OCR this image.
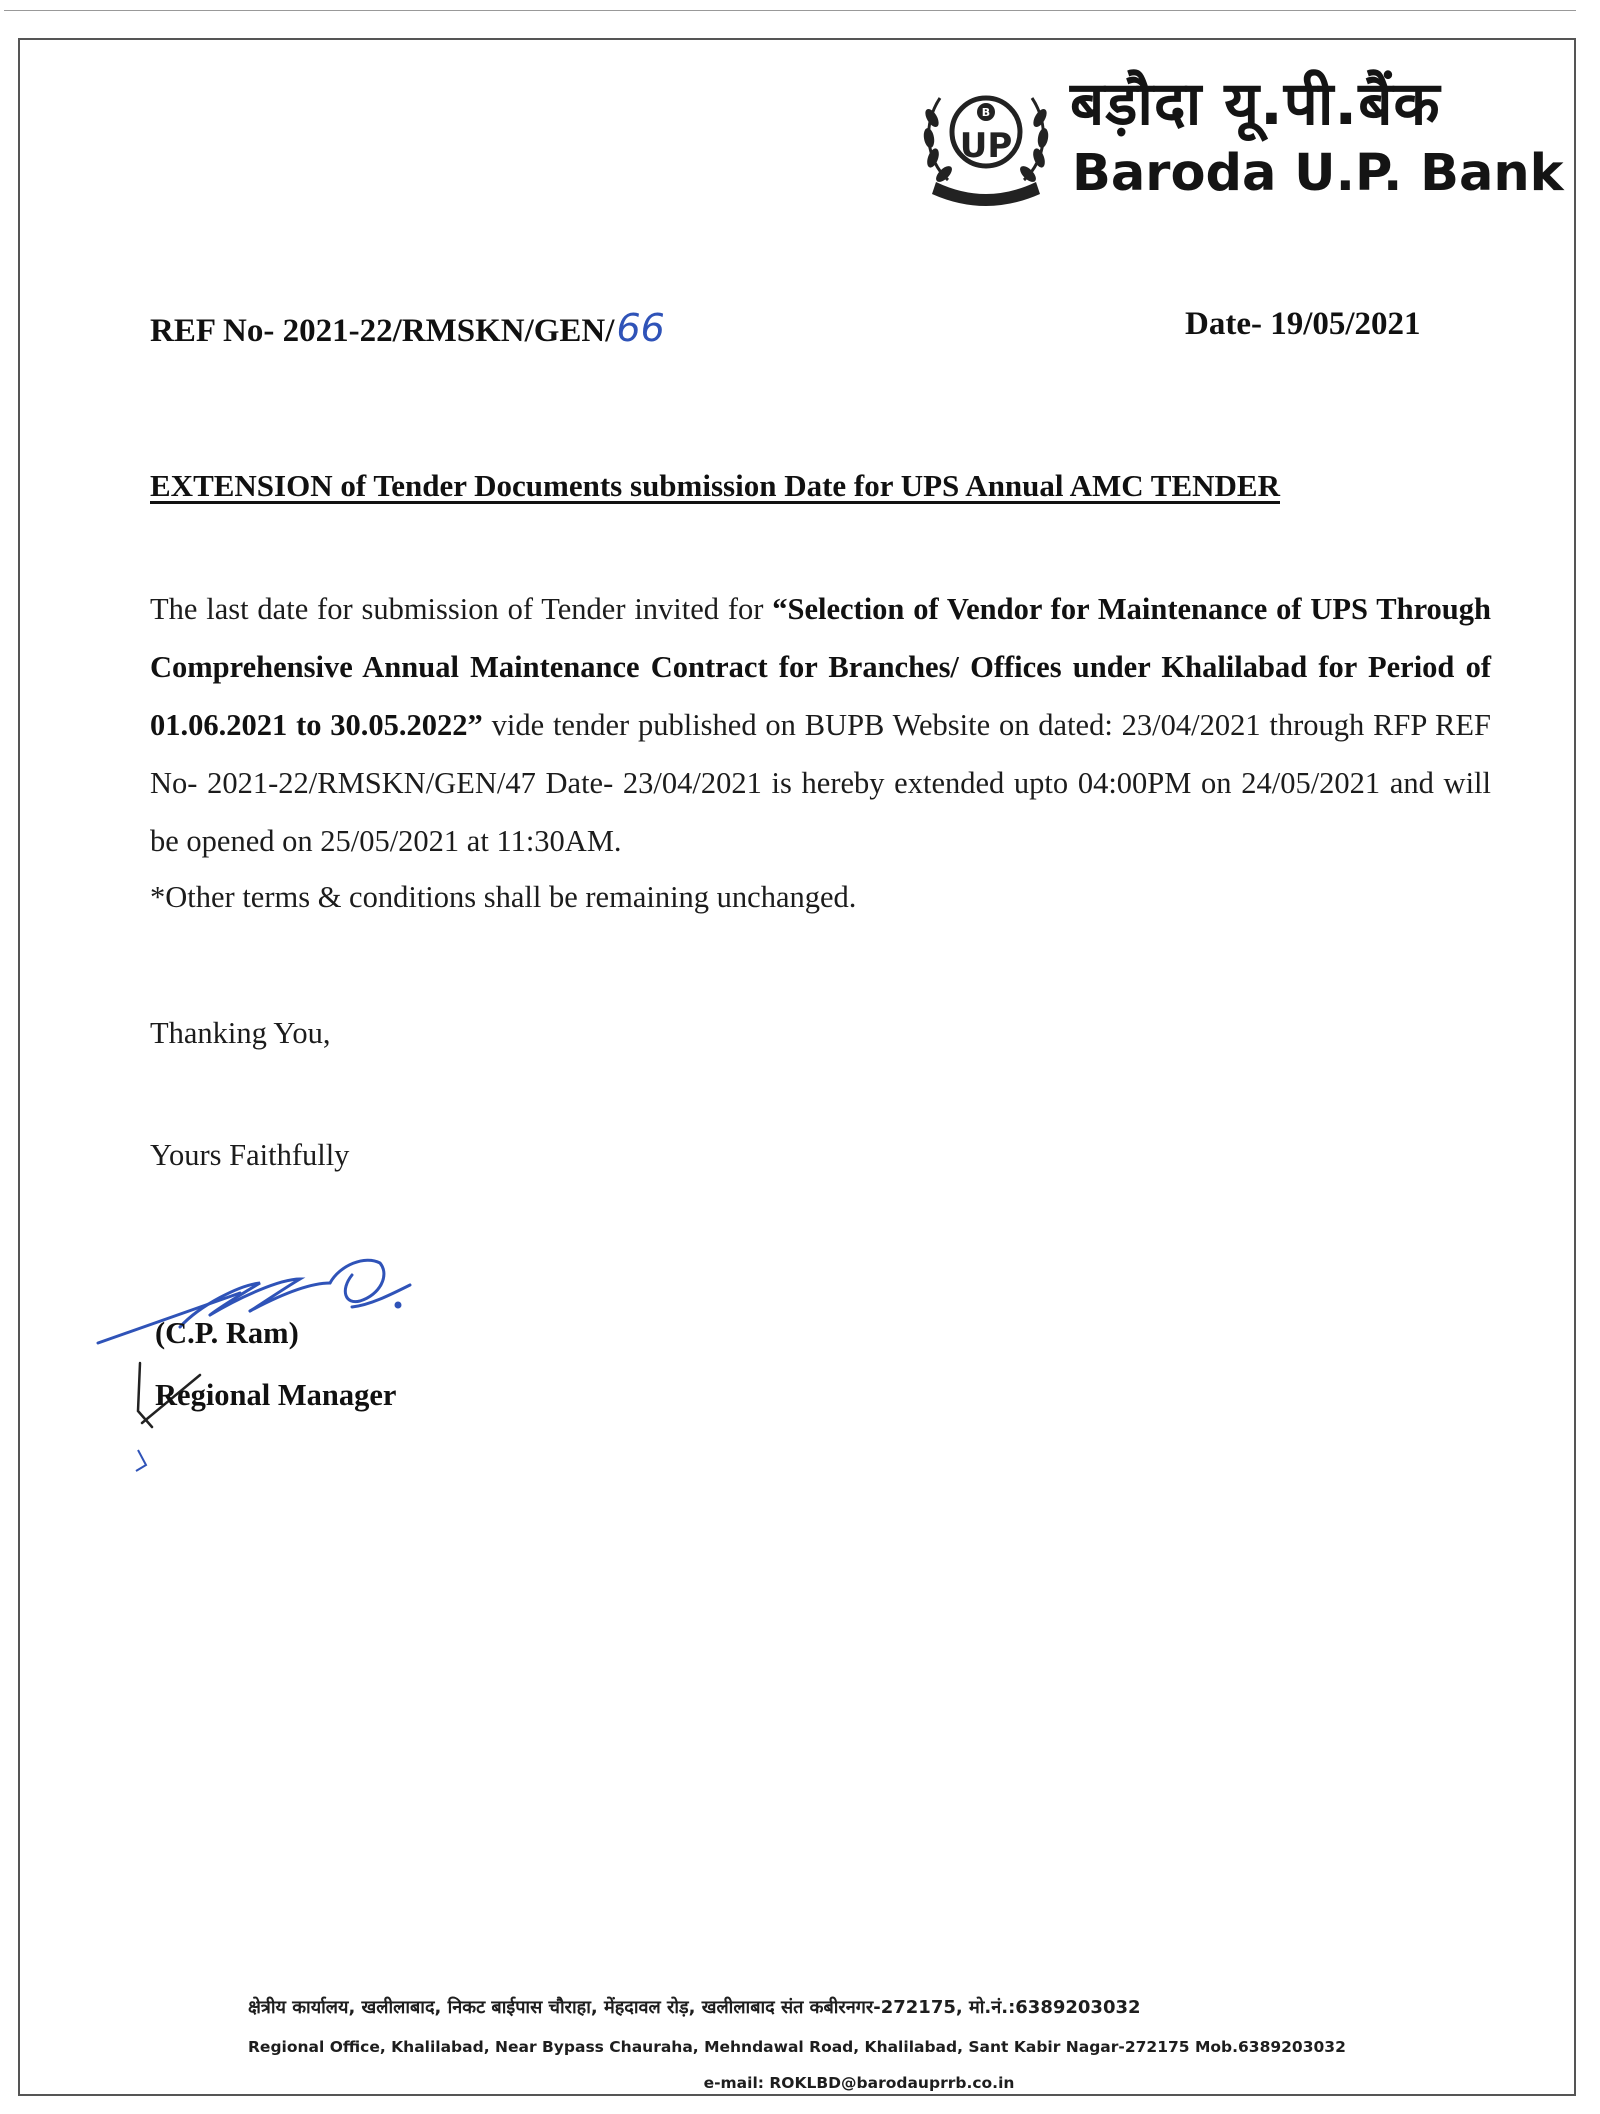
B
UP
बड़ौदा यू.पी.बैंक
Baroda U.P. Bank
REF No- 2021-22/RMSKN/GEN/66	Date- 19/05/2021
EXTENSION of Tender Documents submission Date for UPS Annual AMC TENDER
The last date for submission of Tender invited for “Selection of Vendor for Maintenance of UPS Through Comprehensive Annual Maintenance Contract for Branches/ Offices under Khalilabad for Period of 01.06.2021 to 30.05.2022” vide tender published on BUPB Website on dated: 23/04/2021 through RFP REF No- 2021-22/RMSKN/GEN/47 Date- 23/04/2021 is hereby extended upto 04:00PM on 24/05/2021 and will be opened on 25/05/2021 at 11:30AM.
*Other terms & conditions shall be remaining unchanged.
Thanking You,
Yours Faithfully
(C.P. Ram)
Regional Manager
क्षेत्रीय कार्यालय, खलीलाबाद, निकट बाईपास चौराहा, मेंहदावल रोड़, खलीलाबाद संत कबीरनगर-272175, मो.नं.:6389203032
Regional Office, Khalilabad, Near Bypass Chauraha, Mehndawal Road, Khalilabad, Sant Kabir Nagar-272175 Mob.6389203032
e-mail: ROKLBD@barodauprrb.co.in
